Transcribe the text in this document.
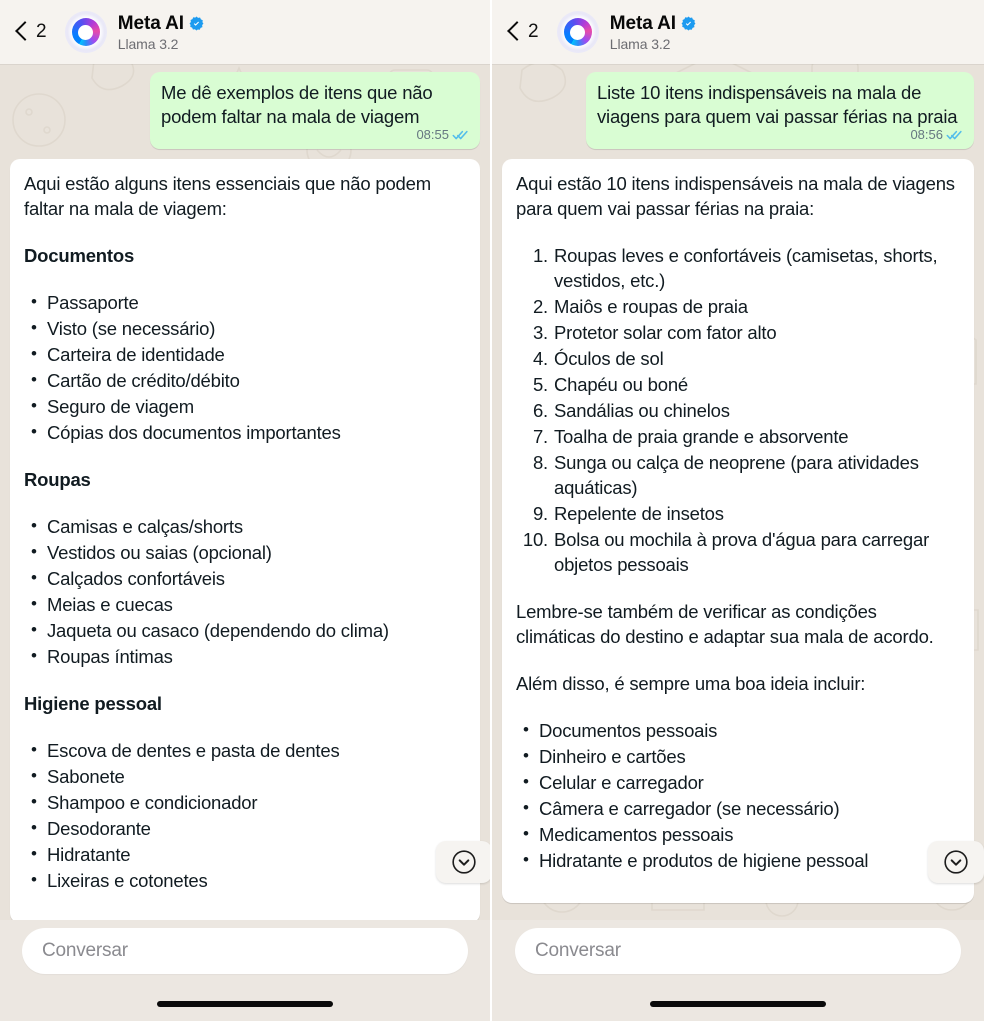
2	Meta AI
Llama 3.2
Me dê exemplos de itens que não podem faltar na mala de viagem
08:55
Aqui estão alguns itens essenciais que não podem faltar na mala de viagem:
Documentos
• Passaporte
• Visto (se necessário)
• Carteira de identidade
• Cartão de crédito/débito
• Seguro de viagem
• Cópias dos documentos importantes
Roupas
• Camisas e calças/shorts
• Vestidos ou saias (opcional)
• Calçados confortáveis
• Meias e cuecas
• Jaqueta ou casaco (dependendo do clima)
• Roupas íntimas
Higiene pessoal
• Escova de dentes e pasta de dentes
• Sabonete
• Shampoo e condicionador
• Desodorante
• Hidratante
• Lixeiras e cotonetes
Conversar
2	Meta AI
Llama 3.2
Liste 10 itens indispensáveis na mala de viagens para quem vai passar férias na praia
08:56
Aqui estão 10 itens indispensáveis na mala de viagens para quem vai passar férias na praia:
Roupas leves e confortáveis (camisetas, shorts, vestidos, etc.)
Maiôs e roupas de praia
Protetor solar com fator alto
Óculos de sol
Chapéu ou boné
Sandálias ou chinelos
Toalha de praia grande e absorvente
Sunga ou calça de neoprene (para atividades aquáticas)
Repelente de insetos
Bolsa ou mochila à prova d'água para carregar objetos pessoais
Lembre-se também de verificar as condições climáticas do destino e adaptar sua mala de acordo.
Além disso, é sempre uma boa ideia incluir:
• Documentos pessoais
• Dinheiro e cartões
• Celular e carregador
• Câmera e carregador (se necessário)
• Medicamentos pessoais
• Hidratante e produtos de higiene pessoal
Conversar
